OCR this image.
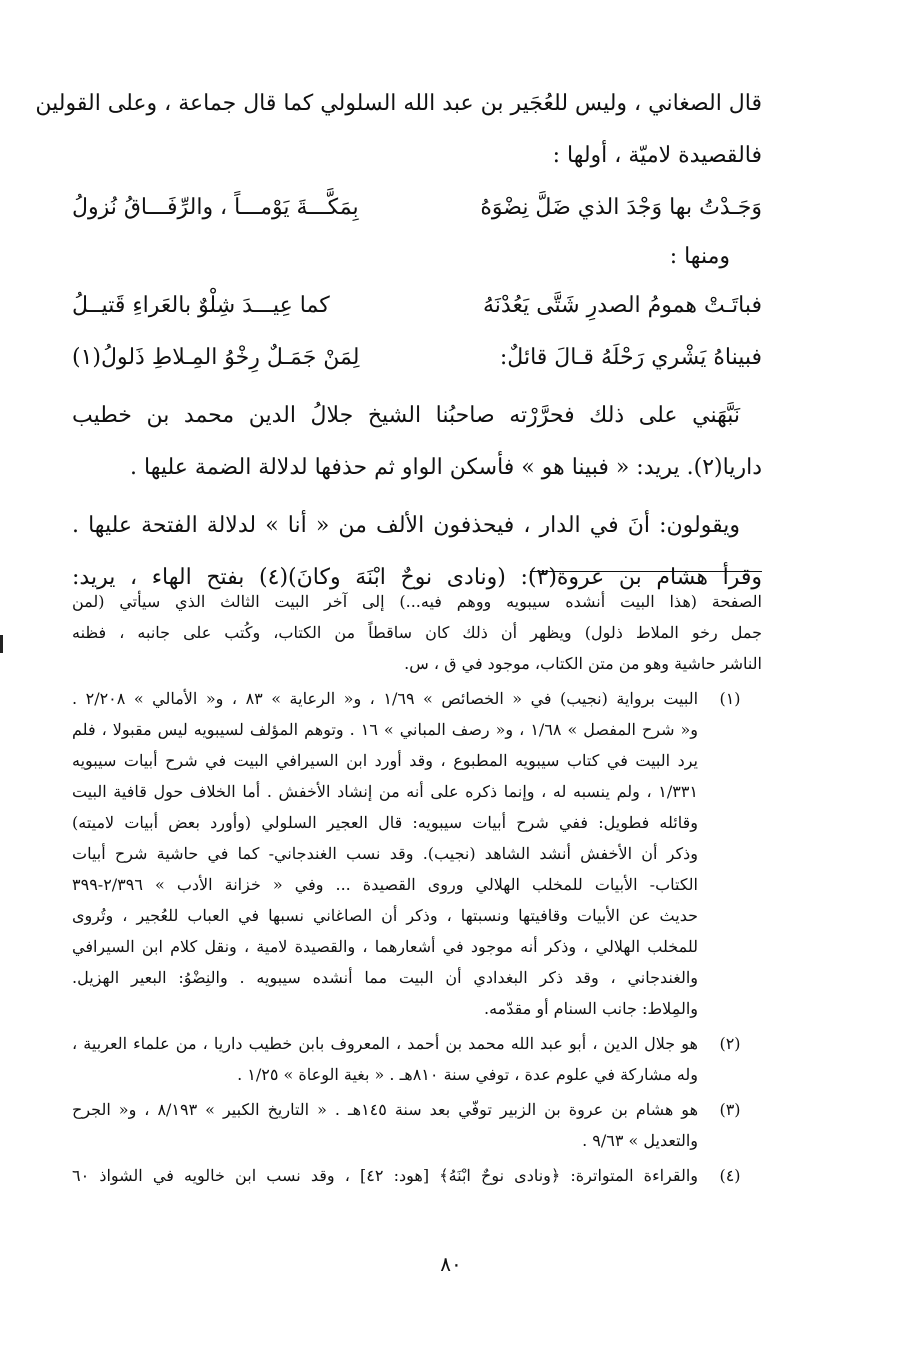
قال الصغاني ، وليس للعُجَير بن عبد الله السلولي كما قال جماعة ، وعلى القولين
فالقصيدة لاميّة ، أولها :
وَجَـدْتُ بها وَجْدَ الذي ضَلَّ نِضْوَهُ
بِمَكَّـــةَ يَوْمـــاً ، والرِّفَـــاقُ نُزولُ
ومنها :
فباتَـتْ همومُ الصدرِ شَتَّى يَعُدْنَهُ
كما عِيـــدَ شِلْوٌ بالعَراءِ قَتيــلُ
فبيناهُ يَشْري رَحْلَهُ قـالَ قائلٌ:
لِمَنْ جَمَـلٌ رِخْوُ المِـلاطِ ذَلولُ(١)
نَبَّهَني على ذلك فحرَّرْته صاحبُنا الشيخ جلالُ الدين محمد بن خطيب
داريا(٢). يريد: « فبينا هو » فأسكن الواو ثم حذفها لدلالة الضمة عليها .
ويقولون: أنَ في الدار ، فيحذفون الألف من « أنا » لدلالة الفتحة عليها .
وقرأ هشام بن عروة(٣): (ونادى نوحٌ ابْنَهَ وكانَ)(٤) بفتح الهاء ، يريد:
الصفحة (هذا البيت أنشده سيبويه ووهم فيه...) إلى آخر البيت الثالث الذي سيأتي (لمن
جمل رخو الملاط ذلول) ويظهر أن ذلك كان ساقطاً من الكتاب، وكُتب على جانبه ، فظنه
الناشر حاشية وهو من متن الكتاب، موجود في ق ، س.
(١)
البيت برواية (نجيب) في « الخصائص » ١/٦٩ ، و« الرعاية » ٨٣ ، و« الأمالي » ٢/٢٠٨ .
و« شرح المفصل » ١/٦٨ ، و« رصف المباني » ١٦ . وتوهم المؤلف لسيبويه ليس مقبولا ، فلم
يرد البيت في كتاب سيبويه المطبوع ، وقد أورد ابن السيرافي البيت في شرح أبيات سيبويه
١/٣٣١ ، ولم ينسبه له ، وإنما ذكره على أنه من إنشاد الأخفش . أما الخلاف حول قافية البيت
وقائله فطويل: ففي شرح أبيات سيبويه: قال العجير السلولي (وأورد بعض أبيات لاميته)
وذكر أن الأخفش أنشد الشاهد (نجيب). وقد نسب الغندجاني- كما في حاشية شرح أبيات
الكتاب- الأبيات للمخلب الهلالي وروى القصيدة ... وفي « خزانة الأدب » ٢/٣٩٦-٣٩٩
حديث عن الأبيات وقافيتها ونسبتها ، وذكر أن الصاغاني نسبها في العباب للعُجير ، وتُروى
للمخلب الهلالي ، وذكر أنه موجود في أشعارهما ، والقصيدة لامية ، ونقل كلام ابن السيرافي
والغندجاني ، وقد ذكر البغدادي أن البيت مما أنشده سيبويه . والنِضْوُ: البعير الهزيل.
والمِلاط: جانب السنام أو مقدّمه.
(٢)
هو جلال الدين ، أبو عبد الله محمد بن أحمد ، المعروف بابن خطيب داريا ، من علماء العربية ،
وله مشاركة في علوم عدة ، توفي سنة ٨١٠هـ . « بغية الوعاة » ١/٢٥ .
(٣)
هو هشام بن عروة بن الزبير توفّي بعد سنة ١٤٥هـ . « التاريخ الكبير » ٨/١٩٣ ، و« الجرح
والتعديل » ٩/٦٣ .
(٤)
والقراءة المتواترة: ﴿ونادى نوحٌ ابْنَهُ﴾ [هود: ٤٢] ، وقد نسب ابن خالويه في الشواذ ٦٠
٨٠
